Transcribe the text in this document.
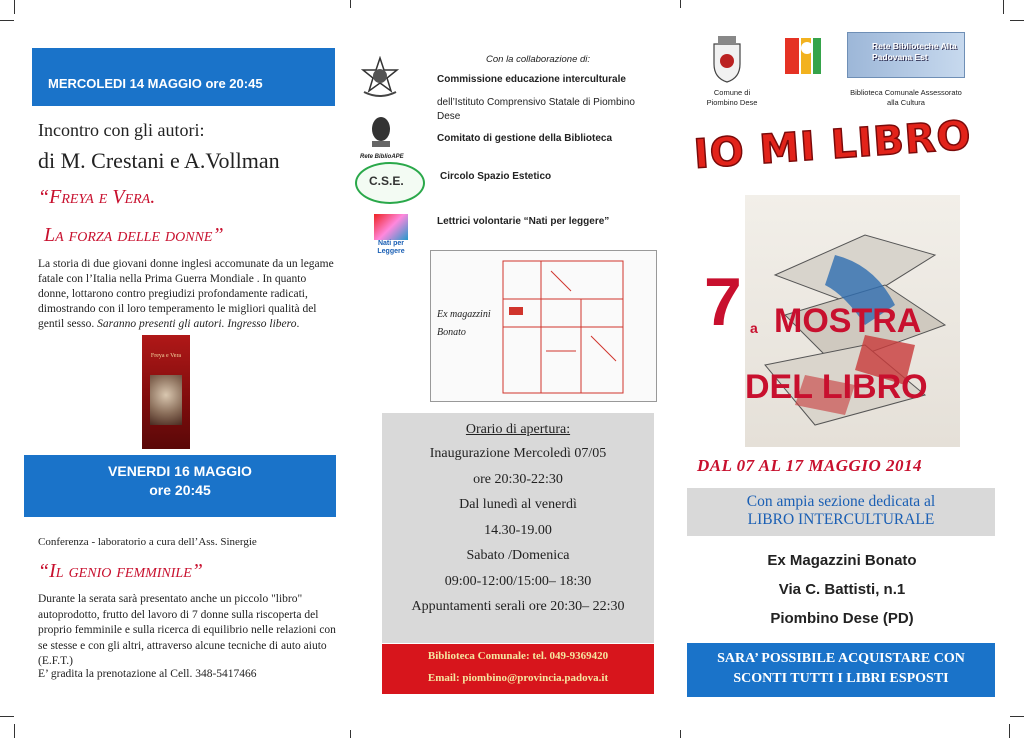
MERCOLEDI 14 MAGGIO ore 20:45
Incontro con gli autori:
di M. Crestani e A.Vollman
“Freya e Vera.
La forza delle donne”
La storia di due giovani donne inglesi accomunate da un legame fatale con l’Italia nella Prima Guerra Mondiale . In quanto donne, lottarono contro pregiudizi profondamente radicati, dimostrando con il loro temperamento le migliori qualità del gentil sesso. Saranno presenti gli autori. Ingresso libero.
Freya e Vera
VENERDI 16 MAGGIO
ore 20:45
Conferenza - laboratorio a cura dell’Ass. Sinergie
“Il genio femminile”
Durante la serata sarà presentato anche un piccolo "libro" autoprodotto, frutto del lavoro di 7 donne sulla riscoperta del proprio femminile e sulla ricerca di equilibrio nelle relazioni con se stesse e con gli altri, attraverso alcune tecniche di auto aiuto (E.F.T.)
E’ gradita la prenotazione al Cell. 348-5417466
Con la collaborazione di:
Commissione educazione interculturale
dell’Istituto Comprensivo Statale di Piombino Dese
Rete BiblioAPE
Comitato di gestione della Biblioteca
C.S.E.	Circolo Spazio Estetico
Nati per
Leggere
Lettrici volontarie “Nati per leggere”
Ex magazzini
Bonato
Orario di apertura:
Inaugurazione Mercoledì 07/05
ore 20:30-22:30
Dal lunedì al venerdì
14.30-19.00
Sabato /Domenica
09:00-12:00/15:00– 18:30
Appuntamenti serali ore 20:30– 22:30
Biblioteca Comunale: tel. 049-9369420
Email: piombino@provincia.padova.it
Comune di Piombino Dese
Rete Biblioteche Alta Padovana Est
Biblioteca Comunale Assessorato alla Cultura
IO MI LIBRO
7 a MOSTRA
DEL LIBRO
DAL 07 AL 17 MAGGIO 2014
Con ampia sezione dedicata al
LIBRO INTERCULTURALE
Ex Magazzini Bonato
Via C. Battisti, n.1
Piombino Dese (PD)
SARA’ POSSIBILE ACQUISTARE CON
SCONTI TUTTI I LIBRI ESPOSTI
